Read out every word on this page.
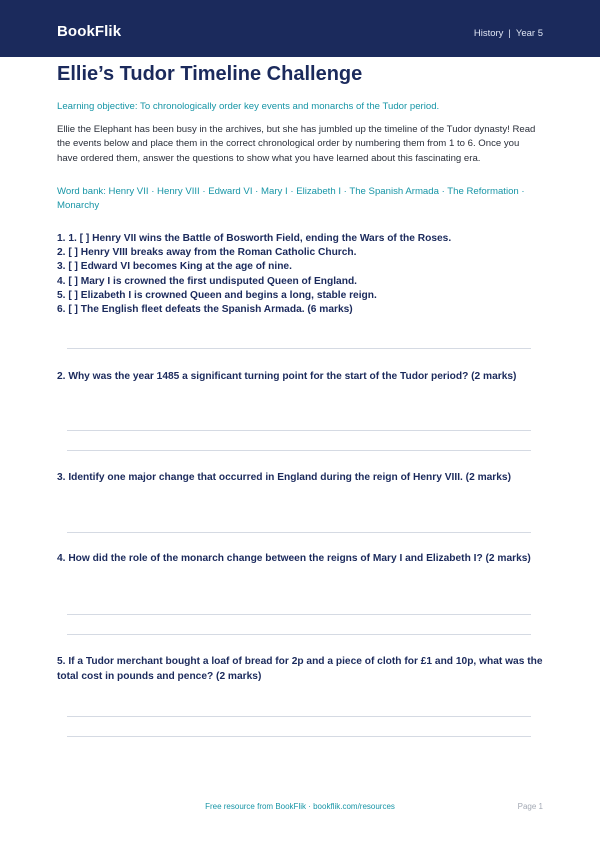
BookFlik	History | Year 5
Ellie’s Tudor Timeline Challenge
Learning objective: To chronologically order key events and monarchs of the Tudor period.
Ellie the Elephant has been busy in the archives, but she has jumbled up the timeline of the Tudor dynasty! Read the events below and place them in the correct chronological order by numbering them from 1 to 6. Once you have ordered them, answer the questions to show what you have learned about this fascinating era.
Word bank: Henry VII · Henry VIII · Edward VI · Mary I · Elizabeth I · The Spanish Armada · The Reformation · Monarchy
1. 1. [ ] Henry VII wins the Battle of Bosworth Field, ending the Wars of the Roses.
2. [ ] Henry VIII breaks away from the Roman Catholic Church.
3. [ ] Edward VI becomes King at the age of nine.
4. [ ] Mary I is crowned the first undisputed Queen of England.
5. [ ] Elizabeth I is crowned Queen and begins a long, stable reign.
6. [ ] The English fleet defeats the Spanish Armada. (6 marks)
2. Why was the year 1485 a significant turning point for the start of the Tudor period? (2 marks)
3. Identify one major change that occurred in England during the reign of Henry VIII. (2 marks)
4. How did the role of the monarch change between the reigns of Mary I and Elizabeth I? (2 marks)
5. If a Tudor merchant bought a loaf of bread for 2p and a piece of cloth for £1 and 10p, what was the total cost in pounds and pence? (2 marks)
Free resource from BookFlik · bookflik.com/resources	Page 1
